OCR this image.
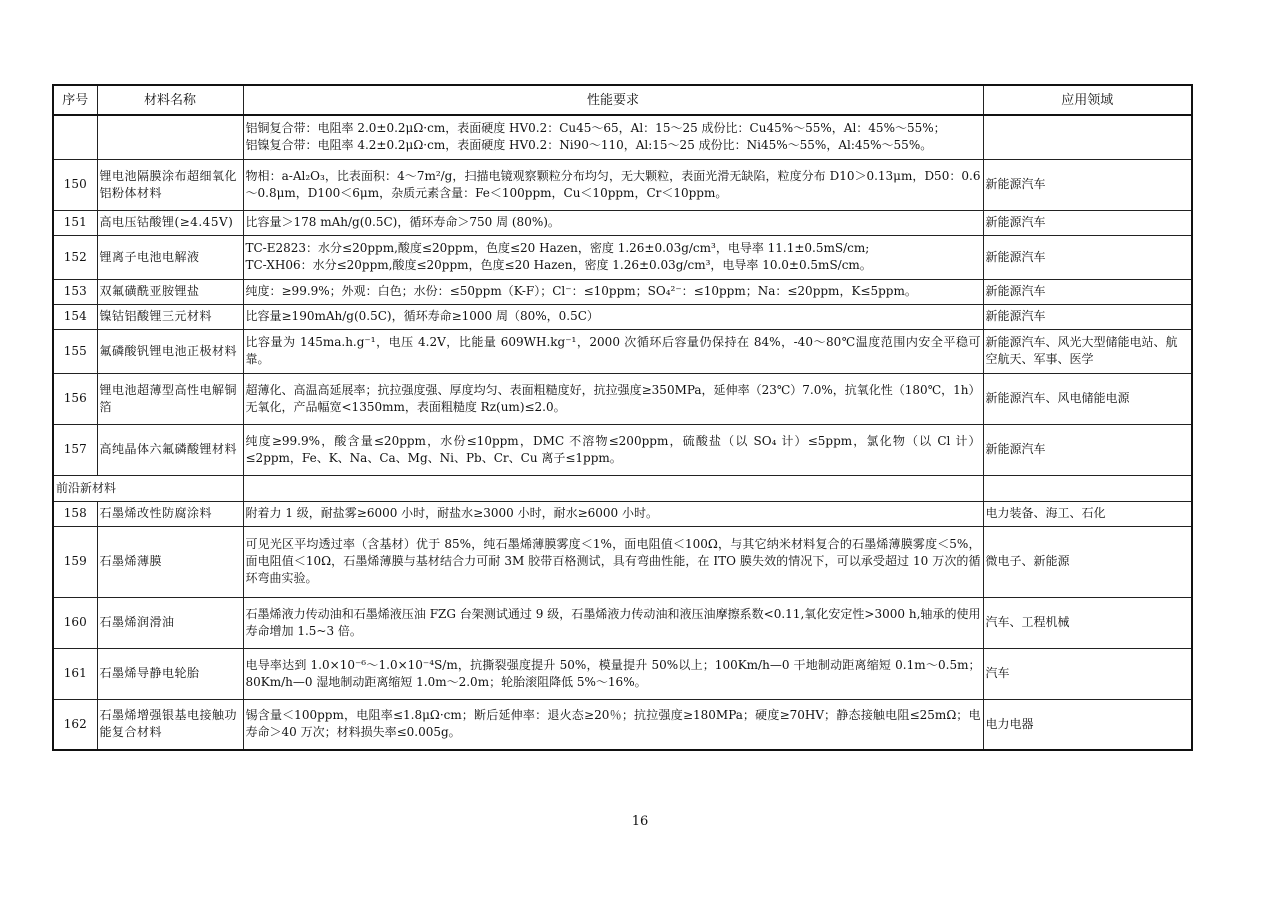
序号	材料名称	性能要求	应用领域

		铝铜复合带：电阻率 2.0±0.2μΩ·cm，表面硬度 HV0.2：Cu45～65，Al：15～25 成份比：Cu45%～55%，Al：45%～55%；
铝镍复合带：电阻率 4.2±0.2μΩ·cm，表面硬度 HV0.2：Ni90～110，Al:15～25 成份比：Ni45%～55%，Al:45%～55%。	

150	锂电池隔膜涂布超细氧化铝粉体材料	物相：a-Al₂O₃，比表面积：4～7m²/g，扫描电镜观察颗粒分布均匀，无大颗粒，表面光滑无缺陷，粒度分布 D10＞0.13μm，D50：0.6～0.8μm，D100＜6μm，杂质元素含量：Fe＜100ppm，Cu＜10ppm，Cr＜10ppm。	新能源汽车
151	高电压钴酸锂(≥4.45V)	比容量＞178 mAh/g(0.5C)，循环寿命＞750 周 (80%)。	新能源汽车
152	锂离子电池电解液	TC-E2823：水分≤20ppm,酸度≤20ppm，色度≤20 Hazen，密度 1.26±0.03g/cm³，电导率 11.1±0.5mS/cm;
TC-XH06：水分≤20ppm,酸度≤20ppm，色度≤20 Hazen，密度 1.26±0.03g/cm³，电导率 10.0±0.5mS/cm。	新能源汽车
153	双氟磺酰亚胺锂盐	纯度：≥99.9%；外观：白色；水份：≤50ppm（K-F）；Cl⁻：≤10ppm；SO₄²⁻：≤10ppm；Na：≤20ppm，K≤5ppm。	新能源汽车
154	镍钴铝酸锂三元材料	比容量≥190mAh/g(0.5C)，循环寿命≥1000 周（80%，0.5C）	新能源汽车
155	氟磷酸钒锂电池正极材料	比容量为 145ma.h.g⁻¹，电压 4.2V，比能量 609WH.kg⁻¹，2000 次循环后容量仍保持在 84%，-40～80℃温度范围内安全平稳可靠。	新能源汽车、风光大型储能电站、航空航天、军事、医学
156	锂电池超薄型高性电解铜箔	超薄化、高温高延展率；抗拉强度强、厚度均匀、表面粗糙度好，抗拉强度≥350MPa，延伸率（23℃）7.0%，抗氧化性（180℃，1h）无氧化，产品幅宽<1350mm，表面粗糙度 Rz(um)≤2.0。	新能源汽车、风电储能电源
157	高纯晶体六氟磷酸锂材料	纯度≥99.9%，酸含量≤20ppm，水份≤10ppm，DMC 不溶物≤200ppm，硫酸盐（以 SO₄ 计）≤5ppm，氯化物（以 Cl 计）≤2ppm，Fe、K、Na、Ca、Mg、Ni、Pb、Cr、Cu 离子≤1ppm。	新能源汽车
前沿新材料			
158	石墨烯改性防腐涂料	附着力 1 级，耐盐雾≥6000 小时，耐盐水≥3000 小时，耐水≥6000 小时。	电力装备、海工、石化
159	石墨烯薄膜	可见光区平均透过率（含基材）优于 85%，纯石墨烯薄膜雾度＜1%，面电阻值＜100Ω，与其它纳米材料复合的石墨烯薄膜雾度＜5%，面电阻值＜10Ω，石墨烯薄膜与基材结合力可耐 3M 胶带百格测试，具有弯曲性能，在 ITO 膜失效的情况下，可以承受超过 10 万次的循环弯曲实验。	微电子、新能源
160	石墨烯润滑油	石墨烯液力传动油和石墨烯液压油 FZG 台架测试通过 9 级，石墨烯液力传动油和液压油摩擦系数<0.11,氧化安定性>3000 h,轴承的使用寿命增加 1.5~3 倍。	汽车、工程机械
161	石墨烯导静电轮胎	电导率达到 1.0×10⁻⁶～1.0×10⁻⁴S/m，抗撕裂强度提升 50%，模量提升 50%以上；100Km/h—0 干地制动距离缩短 0.1m～0.5m；80Km/h—0 湿地制动距离缩短 1.0m～2.0m；轮胎滚阻降低 5%～16%。	汽车
162	石墨烯增强银基电接触功能复合材料	锡含量＜100ppm，电阻率≤1.8μΩ·cm；断后延伸率：退火态≥20％；抗拉强度≥180MPa；硬度≥70HV；静态接触电阻≤25mΩ；电寿命＞40 万次；材料损失率≤0.005g。	电力电器
16
